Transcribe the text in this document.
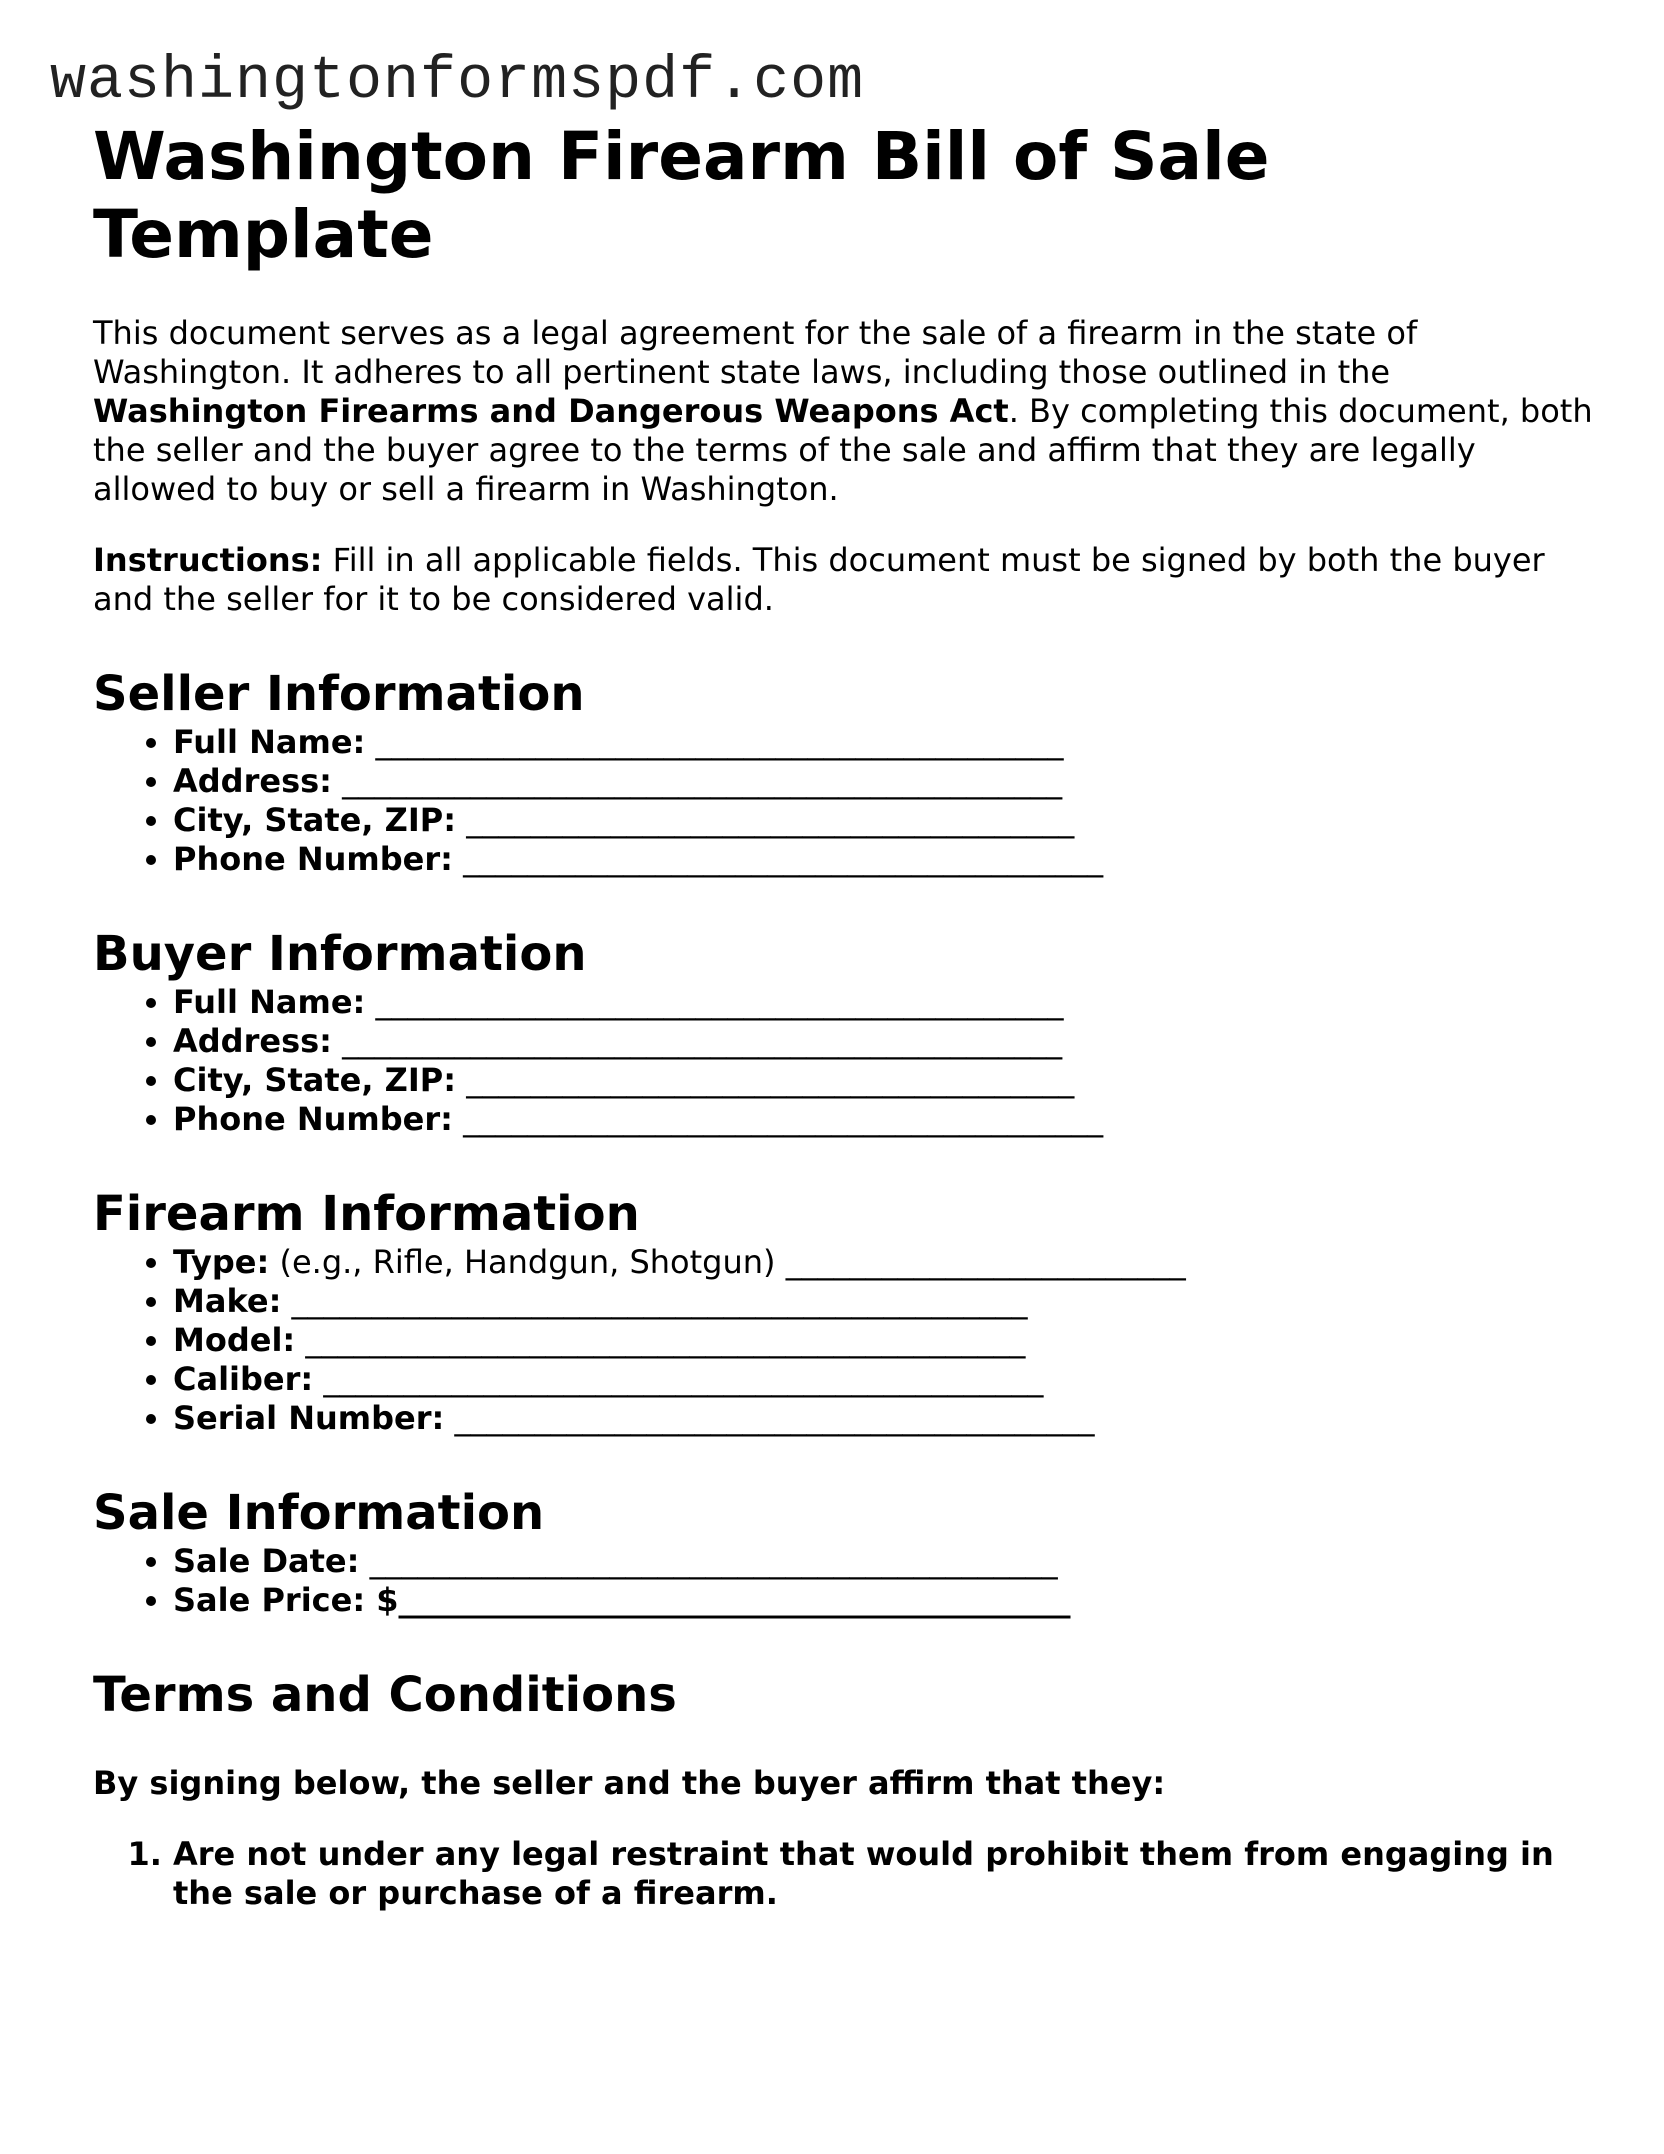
washingtonformspdf.com
Washington Firearm Bill of Sale Template

This document serves as a legal agreement for the sale of a firearm in the state of Washington. It adheres to all pertinent state laws, including those outlined in the Washington Firearms and Dangerous Weapons Act. By completing this document, both the seller and the buyer agree to the terms of the sale and affirm that they are legally allowed to buy or sell a firearm in Washington.

Instructions: Fill in all applicable fields. This document must be signed by both the buyer and the seller for it to be considered valid.

Seller Information
• Full Name: ___________________________________________
• Address: _____________________________________________
• City, State, ZIP: ______________________________________
• Phone Number: ________________________________________
Buyer Information
• Full Name: ___________________________________________
• Address: _____________________________________________
• City, State, ZIP: ______________________________________
• Phone Number: ________________________________________
Firearm Information
• Type: (e.g., Rifle, Handgun, Shotgun) _________________________
• Make: ______________________________________________
• Model: _____________________________________________
• Caliber: _____________________________________________
• Serial Number: ________________________________________
Sale Information
• Sale Date: ___________________________________________
• Sale Price: $__________________________________________
Terms and Conditions
By signing below, the seller and the buyer affirm that they:
1. Are not under any legal restraint that would prohibit them from engaging in the sale or purchase of a firearm.
